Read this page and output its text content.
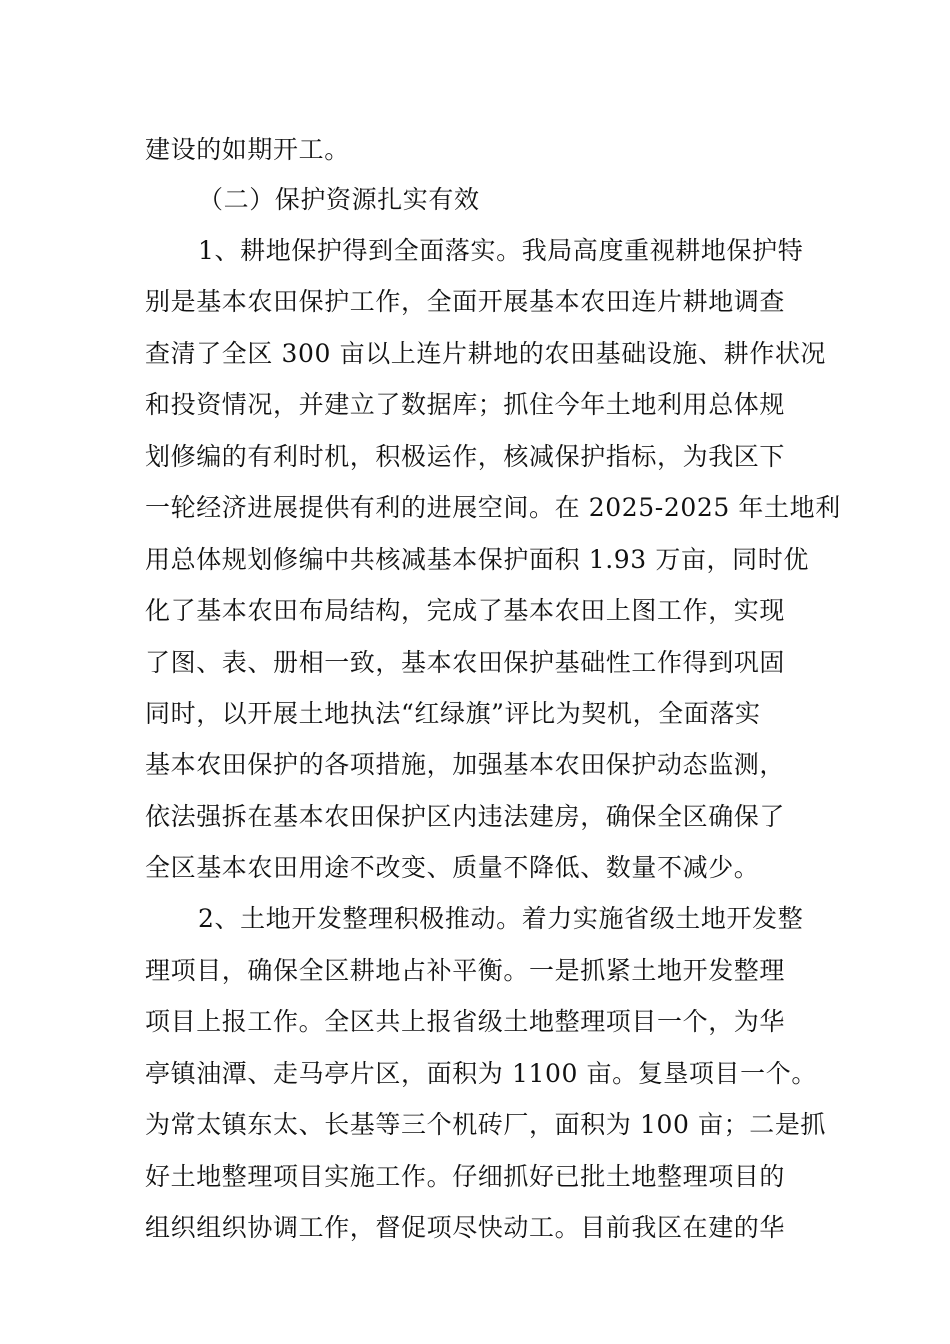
建设的如期开工。
（二）保护资源扎实有效
1、耕地保护得到全面落实。我局高度重视耕地保护特
别是基本农田保护工作，全面开展基本农田连片耕地调查
查清了全区 300 亩以上连片耕地的农田基础设施、耕作状况
和投资情况，并建立了数据库；抓住今年土地利用总体规
划修编的有利时机，积极运作，核减保护指标，为我区下
一轮经济进展提供有利的进展空间。在 2025-2025 年土地利
用总体规划修编中共核减基本保护面积 1.93 万亩，同时优
化了基本农田布局结构，完成了基本农田上图工作，实现
了图、表、册相一致，基本农田保护基础性工作得到巩固
同时，以开展土地执法“红绿旗”评比为契机，全面落实
基本农田保护的各项措施，加强基本农田保护动态监测，
依法强拆在基本农田保护区内违法建房，确保全区确保了
全区基本农田用途不改变、质量不降低、数量不减少。
2、土地开发整理积极推动。着力实施省级土地开发整
理项目，确保全区耕地占补平衡。一是抓紧土地开发整理
项目上报工作。全区共上报省级土地整理项目一个，为华
亭镇油潭、走马亭片区，面积为 1100 亩。复垦项目一个。
为常太镇东太、长基等三个机砖厂，面积为 100 亩；二是抓
好土地整理项目实施工作。仔细抓好已批土地整理项目的
组织组织协调工作，督促项尽快动工。目前我区在建的华
